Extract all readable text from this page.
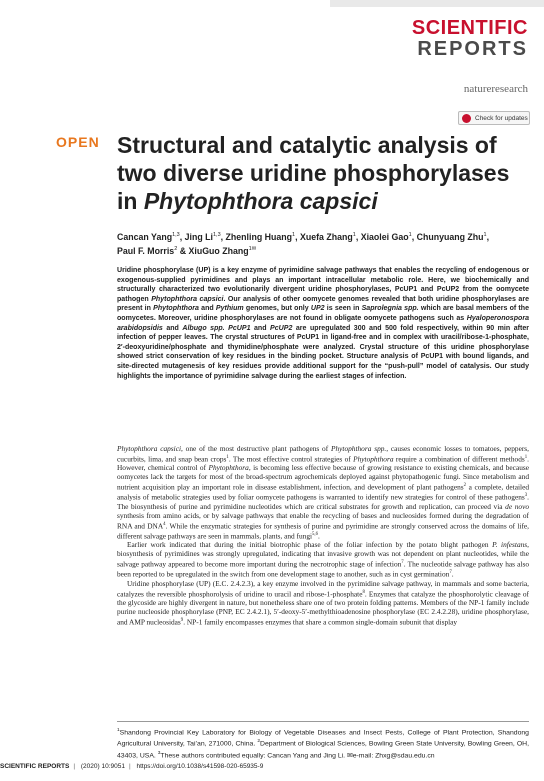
SCIENTIFIC
REPORTS
natureresearch
Check for updates
OPEN Structural and catalytic analysis of
two diverse uridine phosphorylases
in Phytophthora capsici
Cancan Yang$^{1,3}$, Jing Li$^{1,3}$, Zhenling Huang$^1$, Xuefa Zhang$^1$, Xiaolei Gao$^1$, Chunyuang Zhu$^1$, Paul F. Morris$^2$ & XiuGuo Zhang$^{1✉}$

Uridine phosphorylase (UP) is a key enzyme of pyrimidine salvage pathways that enables the recycling of endogenous or exogenous-supplied pyrimidines and plays an important intracellular metabolic role. Here, we biochemically and structurally characterized two evolutionarily divergent uridine phosphorylases, PcUP1 and PcUP2 from the oomycete pathogen Phytophthora capsici. Our analysis of other oomycete genomes revealed that both uridine phosphorylases are present in Phytophthora and Pythium genomes, but only UP2 is seen in Saprolegnia spp. which are basal members of the oomycetes. Moreover, uridine phosphorylases are not found in obligate oomycete pathogens such as Hyaloperonospora arabidopsidis and Albugo spp. PcUP1 and PcUP2 are upregulated 300 and 500 fold respectively, within 90 min after infection of pepper leaves. The crystal structures of PcUP1 in ligand-free and in complex with uracil/ribose-1-phosphate, 2′-deoxyuridine/phosphate and thymidine/phosphate were analyzed. Crystal structure of this uridine phosphorylase showed strict conservation of key residues in the binding pocket. Structure analysis of PcUP1 with bound ligands, and site-directed mutagenesis of key residues provide additional support for the “push-pull” model of catalysis. Our study highlights the importance of pyrimidine salvage during the earliest stages of infection.

Phytophthora capsici, one of the most destructive plant pathogens of Phytophthora spp., causes economic losses to tomatoes, peppers, cucurbits, lima, and snap bean crops$^1$. The most effective control strategies of Phytophthora require a combination of different methods$^1$. However, chemical control of Phytophthora, is becoming less effective because of growing resistance to existing chemicals, and because oomycetes lack the targets for most of the broad-spectrum agrochemicals deployed against phytopathogenic fungi. Since metabolism and nutrient acquisition play an important role in disease establishment, infection, and development of plant pathogens$^2$ a complete, detailed analysis of metabolic strategies used by foliar oomycete pathogens is warranted to identify new strategies for control of these pathogens$^3$. The biosynthesis of purine and pyrimidine nucleotides which are critical substrates for growth and replication, can proceed via de novo synthesis from amino acids, or by salvage pathways that enable the recycling of bases and nucleosides formed during the degradation of RNA and DNA$^4$. While the enzymatic strategies for synthesis of purine and pyrimidine are strongly conserved across the domains of life, different salvage pathways are seen in mammals, plants, and fungi$^{5,6}$.

Earlier work indicated that during the initial biotrophic phase of the foliar infection by the potato blight pathogen P. infestans, biosynthesis of pyrimidines was strongly upregulated, indicating that invasive growth was not dependent on plant nucleotides, while the salvage pathway appeared to become more important during the necrotrophic stage of infection$^7$. The nucleotide salvage pathway has also been reported to be upregulated in the switch from one development stage to another, such as in cyst germination$^7$.

Uridine phosphorylase (UP) (E.C. 2.4.2.3), a key enzyme involved in the pyrimidine salvage pathway, in mammals and some bacteria, catalyzes the reversible phosphorolysis of uridine to uracil and ribose-1-phosphate$^8$. Enzymes that catalyze the phosphorolytic cleavage of the glycoside are highly divergent in nature, but nonetheless share one of two protein folding patterns. Members of the NP-1 family include purine nucleoside phosphorylase (PNP, EC 2.4.2.1), 5′-deoxy-5′-methylthioadenosine phosphorylase (EC 2.4.2.28), uridine phosphorylase, and AMP nucleosidas$^9$. NP-1 family encompasses enzymes that share a common single-domain subunit that display

$^1$Shandong Provincial Key Laboratory for Biology of Vegetable Diseases and Insect Pests, College of Plant Protection, Shandong Agricultural University, Tai’an, 271000, China. $^2$Department of Biological Sciences, Bowling Green State University, Bowling Green, OH, 43403, USA. $^3$These authors contributed equally: Cancan Yang and Jing Li. ✉e-mail: Zhxg@sdau.edu.cn
SCIENTIFIC REPORTS | (2020) 10:9051 | https://doi.org/10.1038/s41598-020-65935-9
